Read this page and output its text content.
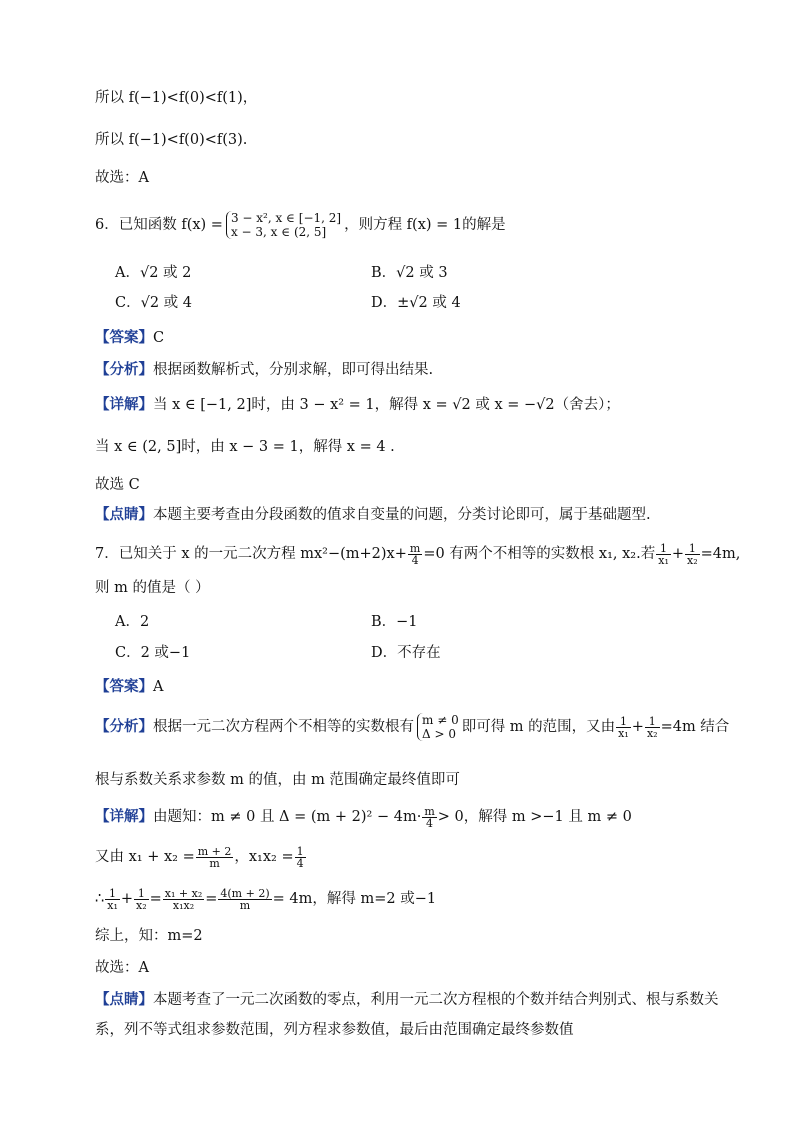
所以 f(−1)<f(0)<f(1)，
所以 f(−1)<f(0)<f(3).
故选：A
6．已知函数 f(x) = 3 − x², x ∈ [−1, 2]
x − 3, x ∈ (2, 5]	，则方程 f(x) = 1的解是
A．√2 或 2	B．√2 或 3
C．√2 或 4	D．±√2 或 4
【答案】C
【分析】根据函数解析式，分别求解，即可得出结果.
【详解】当 x ∈ [−1, 2]时，由 3 − x² = 1，解得 x = √2 或 x = −√2（舍去）；
当 x ∈ (2, 5]时，由 x − 3 = 1，解得 x = 4 .
故选 C
【点睛】本题主要考查由分段函数的值求自变量的问题，分类讨论即可，属于基础题型.
7．已知关于 x 的一元二次方程 $mx^2-(m+2)x+ \frac{m}{4} =0$ 有两个不相等的实数根 x₁, x₂.若 $\frac{1}{\text{x₁}} + \frac{1}{\text{x₂}} =4m$,
则 m 的值是（ ）
A．2	B．−1
C．2 或−1	D．不存在
【答案】A
【分析】根据一元二次方程两个不相等的实数根有 m ≠ 0
Δ > 0 即可得 m 的范围，又由 $\frac{1}{\text{x₁}} + \frac{1}{\text{x₂}} =4m$ 结合
根与系数关系求参数 m 的值，由 m 范围确定最终值即可
【详解】由题知：m ≠ 0 且 $\Delta = (m + 2)^2 - 4m\cdot \frac{m}{4} > 0$，解得 m >−1 且 m ≠ 0
又由 $x_1 + x_2 = \frac{m + 2}{m}$ ，$x_1x_2 = \frac{1}{4}$
∴ $\frac{1}{\text{x₁}} + \frac{1}{\text{x₂}} = \frac{\text{x₁ + x₂}}{\text{x₁x₂}} = \frac{4(m + 2)}{m} = 4m$，解得 m=2 或−1
综上，知：m=2
故选：A
【点睛】本题考查了一元二次函数的零点，利用一元二次方程根的个数并结合判别式、根与系数关
系，列不等式组求参数范围，列方程求参数值，最后由范围确定最终参数值
